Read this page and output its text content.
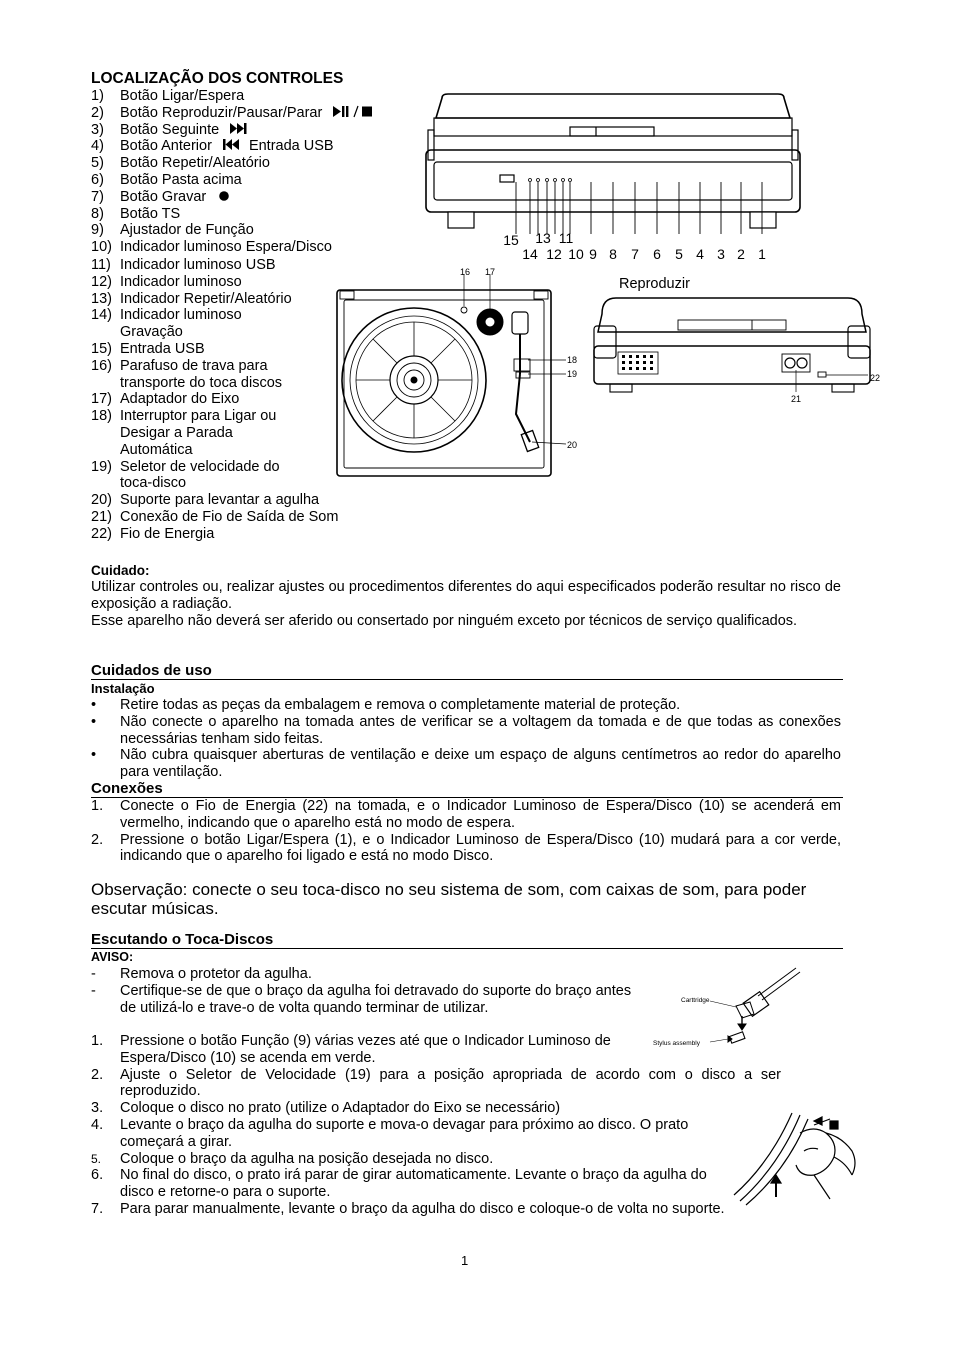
LOCALIZAÇÃO DOS CONTROLES
1) Botão Ligar/Espera
2) Botão Reproduzir/Pausar/Parar
3) Botão Seguinte
4) Botão Anterior	Entrada USB
5) Botão Repetir/Aleatório
6) Botão Pasta acima
7) Botão Gravar
8) Botão TS
9) Ajustador de Função
10) Indicador luminoso Espera/Disco
11) Indicador luminoso USB
12) Indicador luminoso
13) Indicador Repetir/Aleatório
14) Indicador luminoso Gravação
15) Entrada USB
16) Parafuso de trava para transporte do toca discos
17) Adaptador do Eixo
18) Interruptor para Ligar ou Desigar a Parada Automática
19) Seletor de velocidade do toca-disco
20) Suporte para levantar a agulha
21) Conexão de Fio de Saída de Som
22) Fio de Energia
15 13 11
14 12 10 9 8 7 6 5 4 3 2 1
16 17
18
19
20
Reproduzir
21
22
Cuidado:
Utilizar controles ou, realizar ajustes ou procedimentos diferentes do aqui especificados poderão resultar no risco de exposição a radiação.
Esse aparelho não deverá ser aferido ou consertado por ninguém exceto por técnicos de serviço qualificados.
Cuidados de uso
Instalação
• Retire todas as peças da embalagem e remova o completamente material de proteção.
• Não conecte o aparelho na tomada antes de verificar se a voltagem da tomada e de que todas as conexões necessárias tenham sido feitas.
• Não cubra quaisquer aberturas de ventilação e deixe um espaço de alguns centímetros ao redor do aparelho para ventilação.
Conexões
1. Conecte o Fio de Energia (22) na tomada, e o Indicador Luminoso de Espera/Disco (10) se acenderá em vermelho, indicando que o aparelho está no modo de espera.
2. Pressione o botão Ligar/Espera (1), e o Indicador Luminoso de Espera/Disco (10) mudará para a cor verde, indicando que o aparelho foi ligado e está no modo Disco.
Observação: conecte o seu toca-disco no seu sistema de som, com caixas de som, para poder escutar músicas.
Escutando o Toca-Discos
AVISO:
- Remova o protetor da agulha.
- Certifique-se de que o braço da agulha foi detravado do suporte do braço antes de utilizá-lo e trave-o de volta quando terminar de utilizar.
1. Pressione o botão Função (9) várias vezes até que o Indicador Luminoso de Espera/Disco (10) se acenda em verde.
2. Ajuste o Seletor de Velocidade (19) para a posição apropriada de acordo com o disco a ser reproduzido.
3. Coloque o disco no prato (utilize o Adaptador do Eixo se necessário)
4. Levante o braço da agulha do suporte e mova-o devagar para próximo ao disco. O prato começará a girar.
5. Coloque o braço da agulha na posição desejada no disco.
6. No final do disco, o prato irá parar de girar automaticamente. Levante o braço da agulha do disco e retorne-o para o suporte.
7. Para parar manualmente, levante o braço da agulha do disco e coloque-o de volta no suporte.
Carttridge
Stylus assembly
1
